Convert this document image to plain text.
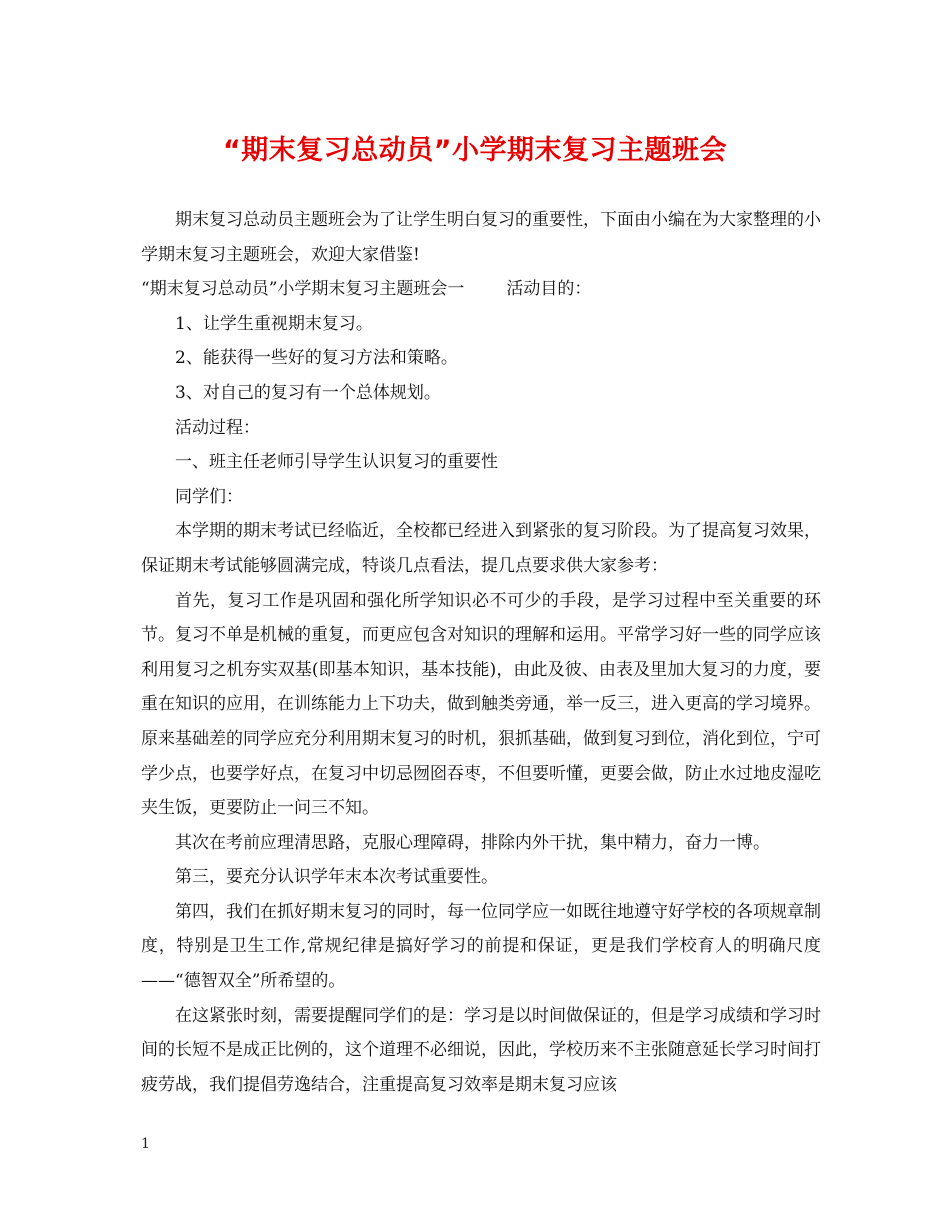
“期末复习总动员”小学期末复习主题班会

期末复习总动员主题班会为了让学生明白复习的重要性，下面由小编在为大家整理的小学期末复习主题班会，欢迎大家借鉴!

“期末复习总动员”小学期末复习主题班会一 活动目的：

1、让学生重视期末复习。

2、能获得一些好的复习方法和策略。

3、对自己的复习有一个总体规划。

活动过程：

一、班主任老师引导学生认识复习的重要性

同学们：

本学期的期末考试已经临近，全校都已经进入到紧张的复习阶段。为了提高复习效果，保证期末考试能够圆满完成，特谈几点看法，提几点要求供大家参考：

首先，复习工作是巩固和强化所学知识必不可少的手段，是学习过程中至关重要的环节。复习不单是机械的重复，而更应包含对知识的理解和运用。平常学习好一些的同学应该利用复习之机夯实双基(即基本知识，基本技能)，由此及彼、由表及里加大复习的力度，要重在知识的应用，在训练能力上下功夫，做到触类旁通，举一反三，进入更高的学习境界。原来基础差的同学应充分利用期末复习的时机，狠抓基础，做到复习到位，消化到位，宁可学少点，也要学好点，在复习中切忌囫囵吞枣，不但要听懂，更要会做，防止水过地皮湿吃夹生饭，更要防止一问三不知。

其次在考前应理清思路，克服心理障碍，排除内外干扰，集中精力，奋力一博。

第三，要充分认识学年末本次考试重要性。

第四，我们在抓好期末复习的同时，每一位同学应一如既往地遵守好学校的各项规章制度，特别是卫生工作,常规纪律是搞好学习的前提和保证，更是我们学校育人的明确尺度——“德智双全”所希望的。

在这紧张时刻，需要提醒同学们的是：学习是以时间做保证的，但是学习成绩和学习时间的长短不是成正比例的，这个道理不必细说，因此，学校历来不主张随意延长学习时间打疲劳战，我们提倡劳逸结合，注重提高复习效率是期末复习应该

1
